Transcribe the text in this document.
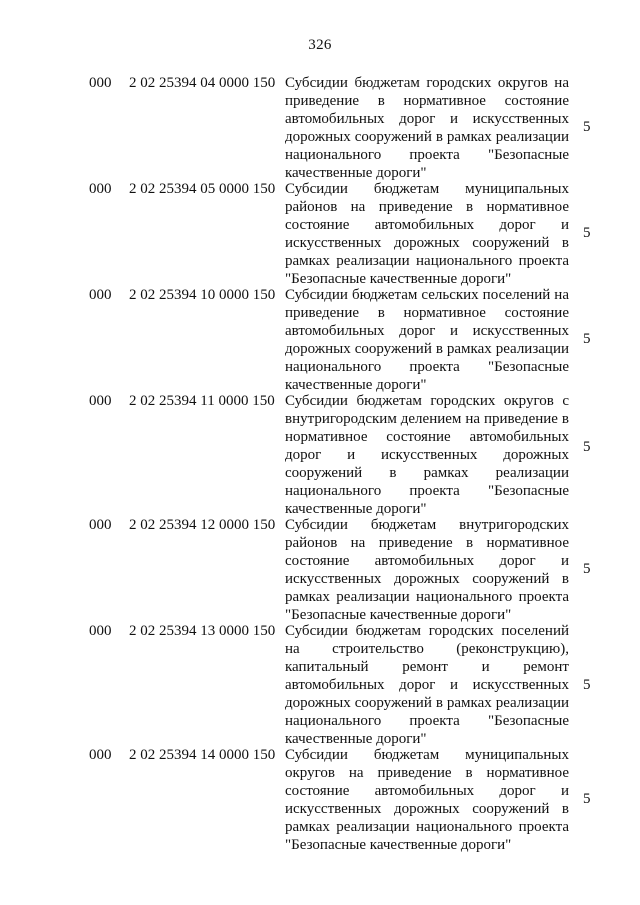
326
000 2 02 25394 04 0000 150 Субсидии бюджетам городских округов на приведение в нормативное состояние автомобильных дорог и искусственных дорожных сооружений в рамках реализации национального проекта "Безопасные качественные дороги"
5
000 2 02 25394 05 0000 150 Субсидии бюджетам муниципальных районов на приведение в нормативное состояние автомобильных дорог и искусственных дорожных сооружений в рамках реализации национального проекта "Безопасные качественные дороги"
5
000 2 02 25394 10 0000 150 Субсидии бюджетам сельских поселений на приведение в нормативное состояние автомобильных дорог и искусственных дорожных сооружений в рамках реализации национального проекта "Безопасные качественные дороги"
5
000 2 02 25394 11 0000 150 Субсидии бюджетам городских округов с внутригородским делением на приведение в нормативное состояние автомобильных дорог и искусственных дорожных сооружений в рамках реализации национального проекта "Безопасные качественные дороги"
5
000 2 02 25394 12 0000 150 Субсидии бюджетам внутригородских районов на приведение в нормативное состояние автомобильных дорог и искусственных дорожных сооружений в рамках реализации национального проекта "Безопасные качественные дороги"
5
000 2 02 25394 13 0000 150 Субсидии бюджетам городских поселений на строительство (реконструкцию), капитальный ремонт и ремонт автомобильных дорог и искусственных дорожных сооружений в рамках реализации национального проекта "Безопасные качественные дороги"
5
000 2 02 25394 14 0000 150 Субсидии бюджетам муниципальных округов на приведение в нормативное состояние автомобильных дорог и искусственных дорожных сооружений в рамках реализации национального проекта "Безопасные качественные дороги"
5
